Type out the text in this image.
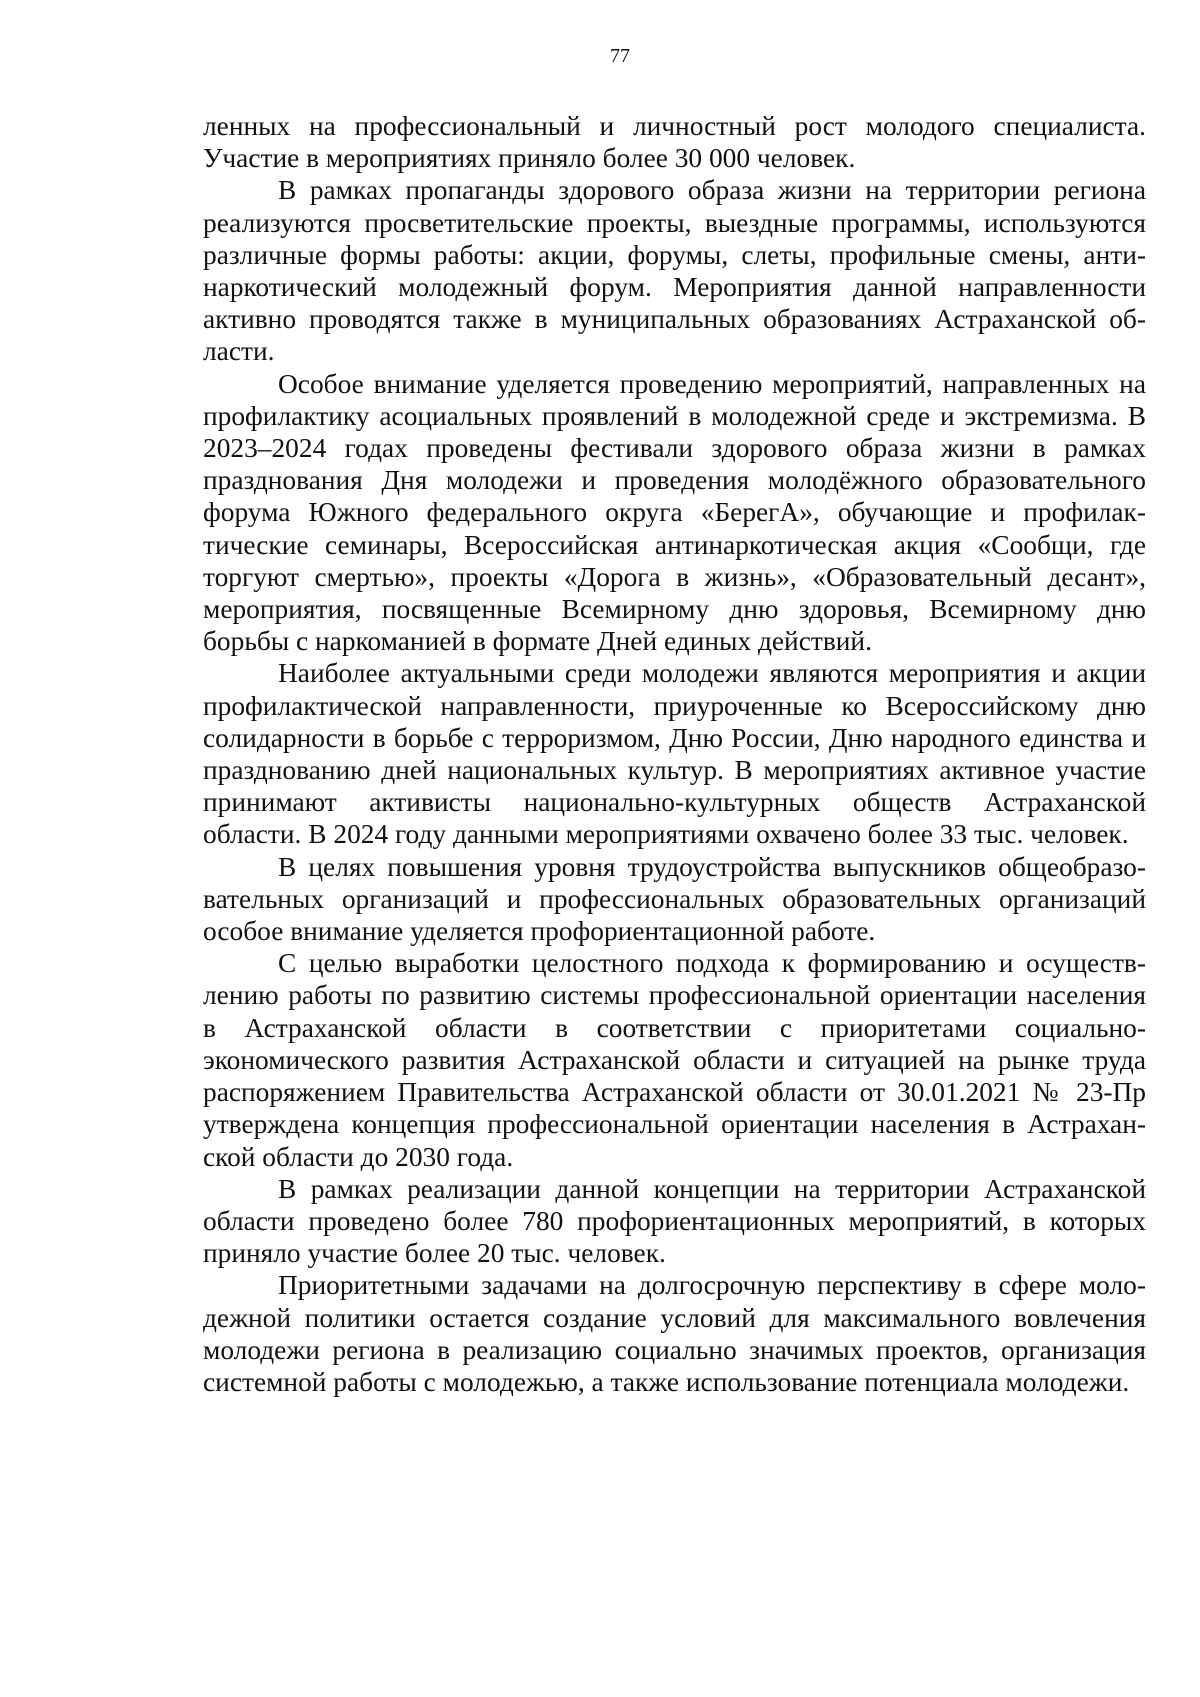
77

ленных на профессиональный и личностный рост молодого специалиста. Участие в мероприятиях приняло более 30 000 человек.

В рамках пропаганды здорового образа жизни на территории региона реализуются просветительские проекты, выездные программы, используются различные формы работы: акции, форумы, слеты, профильные смены, антинаркотический молодежный форум. Мероприятия данной направленности активно проводятся также в муниципальных образованиях Астраханской области.

Особое внимание уделяется проведению мероприятий, направленных на профилактику асоциальных проявлений в молодежной среде и экстремизма. В 2023–2024 годах проведены фестивали здорового образа жизни в рамках празднования Дня молодежи и проведения молодёжного образовательного форума Южного федерального округа «БерегА», обучающие и профилактические семинары, Всероссийская антинаркотическая акция «Сообщи, где торгуют смертью», проекты «Дорога в жизнь», «Образовательный десант», мероприятия, посвященные Всемирному дню здоровья, Всемирному дню борьбы с наркоманией в формате Дней единых действий.

Наиболее актуальными среди молодежи являются мероприятия и акции профилактической направленности, приуроченные ко Всероссийскому дню солидарности в борьбе с терроризмом, Дню России, Дню народного единства и празднованию дней национальных культур. В мероприятиях активное участие принимают активисты национально-культурных обществ Астраханской области. В 2024 году данными мероприятиями охвачено более 33 тыс. человек.

В целях повышения уровня трудоустройства выпускников общеобразовательных организаций и профессиональных образовательных организаций особое внимание уделяется профориентационной работе.

С целью выработки целостного подхода к формированию и осуществлению работы по развитию системы профессиональной ориентации населения в Астраханской области в соответствии с приоритетами социально-экономического развития Астраханской области и ситуацией на рынке труда распоряжением Правительства Астраханской области от 30.01.2021 № 23-Пр утверждена концепция профессиональной ориентации населения в Астраханской области до 2030 года.

В рамках реализации данной концепции на территории Астраханской области проведено более 780 профориентационных мероприятий, в которых приняло участие более 20 тыс. человек.

Приоритетными задачами на долгосрочную перспективу в сфере молодежной политики остается создание условий для максимального вовлечения молодежи региона в реализацию социально значимых проектов, организация системной работы с молодежью, а также использование потенциала молодежи.
